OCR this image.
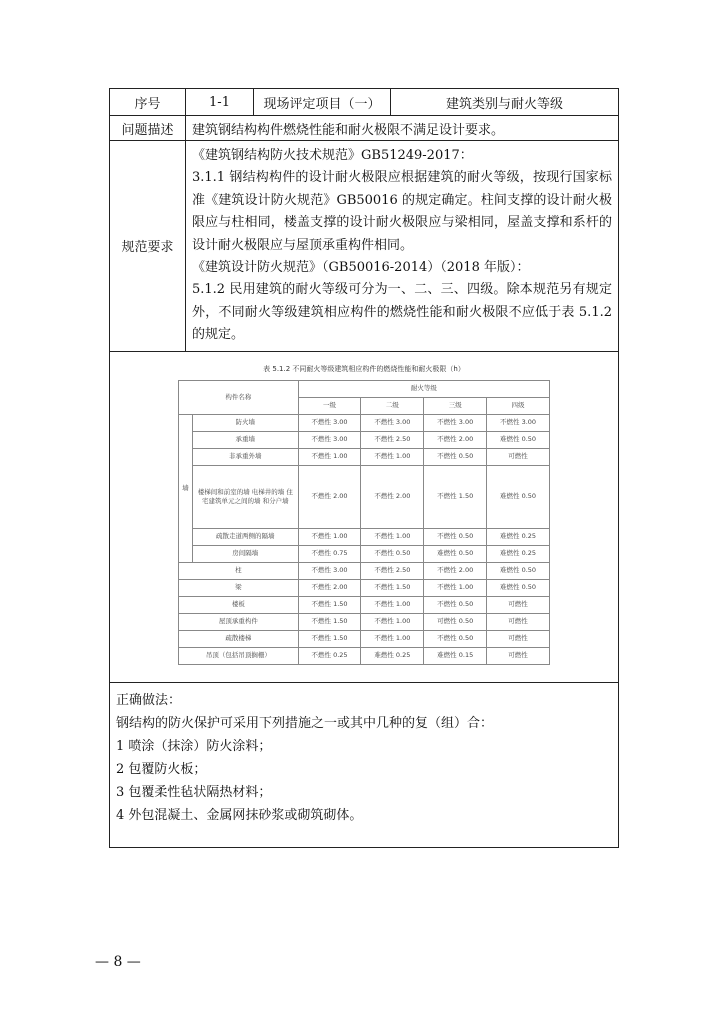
序号	1-1	现场评定项目（一）	建筑类别与耐火等级
问题描述	建筑钢结构构件燃烧性能和耐火极限不满足设计要求。
规范要求	

《建筑钢结构防火技术规范》GB51249-2017：

3.1.1 钢结构构件的设计耐火极限应根据建筑的耐火等级，按现行国家标准《建筑设计防火规范》GB50016 的规定确定。柱间支撑的设计耐火极限应与柱相同，楼盖支撑的设计耐火极限应与梁相同，屋盖支撑和系杆的设计耐火极限应与屋顶承重构件相同。

《建筑设计防火规范》（GB50016-2014）（2018 年版）：

5.1.2 民用建筑的耐火等级可分为一、二、三、四级。除本规范另有规定外，不同耐火等级建筑相应构件的燃烧性能和耐火极限不应低于表 5.1.2 的规定。

表 5.1.2 不同耐火等级建筑相应构件的燃烧性能和耐火极限（h）
构件名称	耐火等级
一级	二级	三级	四级
墙	防火墙	不燃性 3.00	不燃性 3.00	不燃性 3.00	不燃性 3.00
承重墙	不燃性 3.00	不燃性 2.50	不燃性 2.00	难燃性 0.50
非承重外墙	不燃性 1.00	不燃性 1.00	不燃性 0.50	可燃性
楼梯间和前室的墙 电梯井的墙 住宅建筑单元之间的墙 和分户墙	不燃性 2.00	不燃性 2.00	不燃性 1.50	难燃性 0.50
疏散走道两侧的隔墙	不燃性 1.00	不燃性 1.00	不燃性 0.50	难燃性 0.25
房间隔墙	不燃性 0.75	不燃性 0.50	难燃性 0.50	难燃性 0.25
柱	不燃性 3.00	不燃性 2.50	不燃性 2.00	难燃性 0.50
梁	不燃性 2.00	不燃性 1.50	不燃性 1.00	难燃性 0.50
楼板	不燃性 1.50	不燃性 1.00	不燃性 0.50	可燃性
屋顶承重构件	不燃性 1.50	不燃性 1.00	可燃性 0.50	可燃性
疏散楼梯	不燃性 1.50	不燃性 1.00	不燃性 0.50	可燃性
吊顶（包括吊顶搁栅）	不燃性 0.25	难燃性 0.25	难燃性 0.15	可燃性

正确做法：

钢结构的防火保护可采用下列措施之一或其中几种的复（组）合：

1 喷涂（抹涂）防火涂料；

2 包覆防火板；

3 包覆柔性毡状隔热材料；

4 外包混凝土、金属网抹砂浆或砌筑砌体。

— 8 —
